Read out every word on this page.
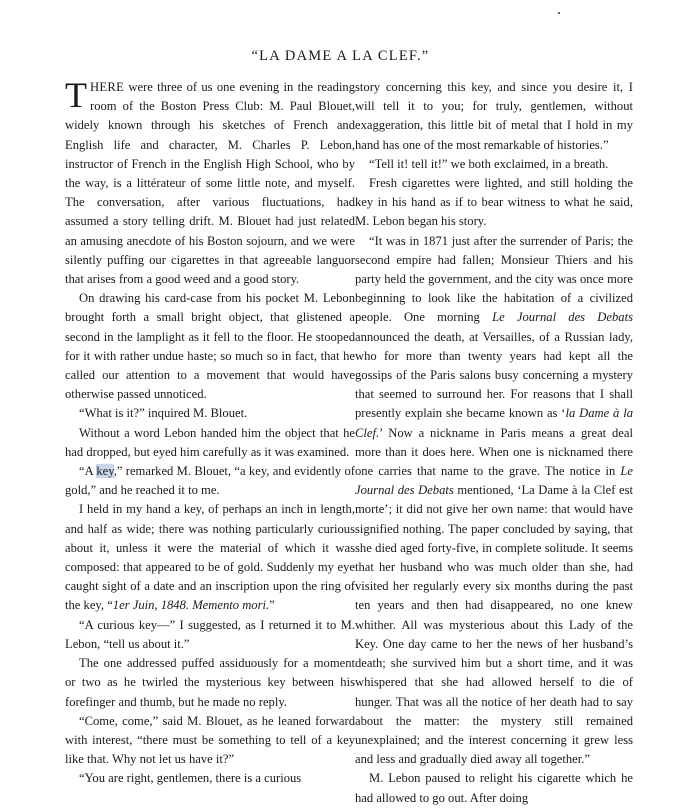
“LA DAME A LA CLEF.”

THERE were three of us one evening in the reading room of the Boston Press Club: M. Paul Blouet, widely known through his sketches of French and English life and character, M. Charles P. Lebon, instructor of French in the English High School, who by the way, is a littérateur of some little note, and myself. The conversation, after various fluctuations, had assumed a story telling drift. M. Blouet had just related an amusing anecdote of his Boston sojourn, and we were silently puffing our cigarettes in that agreeable languor that arises from a good weed and a good story.

On drawing his card-case from his pocket M. Lebon brought forth a small bright object, that glistened a second in the lamplight as it fell to the floor. He stooped for it with rather undue haste; so much so in fact, that he called our attention to a movement that would have otherwise passed unnoticed.

“What is it?” inquired M. Blouet.

Without a word Lebon handed him the object that he had dropped, but eyed him carefully as it was examined.

“A key,” remarked M. Blouet, “a key, and evidently of gold,” and he reached it to me.

I held in my hand a key, of perhaps an inch in length, and half as wide; there was nothing particularly curious about it, unless it were the material of which it was composed: that appeared to be of gold. Suddenly my eye caught sight of a date and an inscription upon the ring of the key, “1er Juin, 1848. Memento mori.”

“A curious key—” I suggested, as I returned it to M. Lebon, “tell us about it.”

The one addressed puffed assiduously for a moment or two as he twirled the mysterious key between his forefinger and thumb, but he made no reply.

“Come, come,” said M. Blouet, as he leaned forward with interest, “there must be something to tell of a key like that. Why not let us have it?”

“You are right, gentlemen, there is a curious

story concerning this key, and since you desire it, I will tell it to you; for truly, gentlemen, without exaggeration, this little bit of metal that I hold in my hand has one of the most remarkable of histories.”

“Tell it! tell it!” we both exclaimed, in a breath.

Fresh cigarettes were lighted, and still holding the key in his hand as if to bear witness to what he said, M. Lebon began his story.

“It was in 1871 just after the surrender of Paris; the second empire had fallen; Monsieur Thiers and his party held the government, and the city was once more beginning to look like the habitation of a civilized people. One morning Le Journal des Debats announced the death, at Versailles, of a Russian lady, who for more than twenty years had kept all the gossips of the Paris salons busy concerning a mystery that seemed to surround her. For reasons that I shall presently explain she became known as ‘la Dame à la Clef.’ Now a nickname in Paris means a great deal more than it does here. When one is nicknamed there one carries that name to the grave. The notice in Le Journal des Debats mentioned, ‘La Dame à la Clef est morte’; it did not give her own name: that would have signified nothing. The paper concluded by saying, that she died aged forty-five, in complete solitude. It seems that her husband who was much older than she, had visited her regularly every six months during the past ten years and then had disappeared, no one knew whither. All was mysterious about this Lady of the Key. One day came to her the news of her husband’s death; she survived him but a short time, and it was whispered that she had allowed herself to die of hunger. That was all the notice of her death had to say about the matter: the mystery still remained unexplained; and the interest concerning it grew less and less and gradually died away all together.”

M. Lebon paused to relight his cigarette which he had allowed to go out. After doing
